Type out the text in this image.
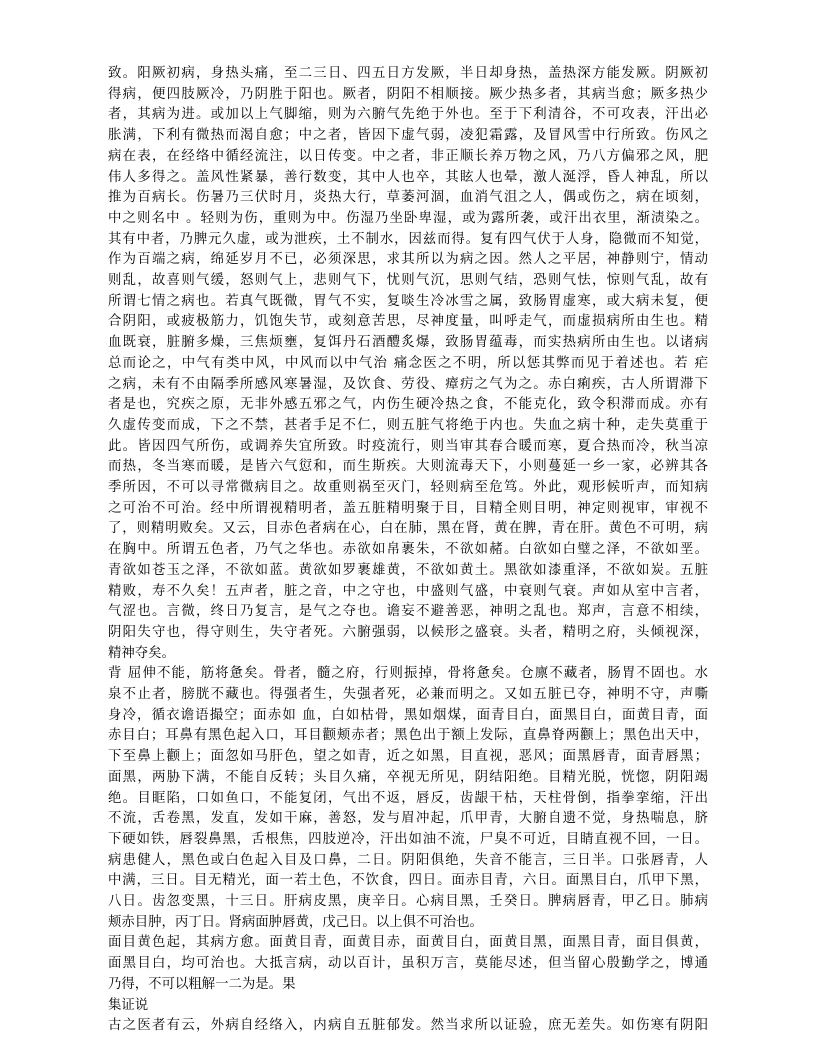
致。阳厥初病，身热头痛，至二三日、四五日方发厥，半日却身热，盖热深方能发厥。阴厥初
得病，便四肢厥冷，乃阴胜于阳也。厥者，阴阳不相顺接。厥少热多者，其病当愈；厥多热少
者，其病为进。或加以上气脚缩，则为六腑气先绝于外也。至于下利清谷，不可攻表，汗出必
胀满，下利有微热而渴自愈；中之者，皆因下虚气弱，凌犯霜露，及冒风雪中行所致。伤风之
病在表，在经络中循经流注，以日传变。中之者，非正顺长养万物之风，乃八方偏邪之风，肥
伟人多得之。盖风性紧暴，善行数变，其中人也卒，其眩人也晕，激人涎浮，昏人神乱，所以
推为百病长。伤暑乃三伏时月，炎热大行，草萎河涸，血消气沮之人，偶或伤之，病在顷刻，
中之则名中 。轻则为伤，重则为中。伤湿乃坐卧卑湿，或为露所袭，或汗出衣里，渐渍染之。
其有中者，乃脾元久虚，或为泄疾，土不制水，因兹而得。复有四气伏于人身，隐微而不知觉，
作为百端之病，绵延岁月不已，必须深思，求其所以为病之因。然人之平居，神静则宁，情动
则乱，故喜则气缓，怒则气上，悲则气下，忧则气沉，思则气结，恐则气怯，惊则气乱，故有
所谓七情之病也。若真气既微，胃气不实，复啖生冷冰雪之属，致肠胃虚寒，或大病未复，便
合阴阳，或疲极筋力，饥饱失节，或刻意苦思，尽神度量，叫呼走气，而虚损病所由生也。精
血既衰，脏腑多燥，三焦烦壅，复饵丹石酒醴炙爆，致肠胃蕴毒，而实热病所由生也。以诸病
总而论之，中气有类中风，中风而以中气治 痛念医之不明，所以惩其弊而见于着述也。若 疟
之病，未有不由隔季所感风寒暑湿，及饮食、劳役、瘴疠之气为之。赤白痢疾，古人所谓滞下
者是也，究疾之原，无非外感五邪之气，内伤生硬冷热之食，不能克化，致令积滞而成。亦有
久虚传变而成，下之不禁，甚者手足不仁，则五脏气将绝于内也。失血之病十种，走失莫重于
此。皆因四气所伤，或调养失宜所致。时疫流行，则当审其春合暖而寒，夏合热而冷，秋当凉
而热，冬当寒而暖，是皆六气愆和，而生斯疾。大则流毒天下，小则蔓延一乡一家，必辨其各
季所因，不可以寻常微病目之。故重则祸至灭门，轻则病至危笃。外此，观形候听声，而知病
之可治不可治。经中所谓视精明者，盖五脏精明聚于目，目精全则目明，神定则视审，审视不
了，则精明败矣。又云，目赤色者病在心，白在肺，黑在肾，黄在脾，青在肝。黄色不可明，病
在胸中。所谓五色者，乃气之华也。赤欲如帛裹朱，不欲如赭。白欲如白璧之泽，不欲如垩。
青欲如苍玉之泽，不欲如蓝。黄欲如罗裹雄黄，不欲如黄土。黑欲如漆重泽，不欲如炭。五脏
精败，寿不久矣！五声者，脏之音，中之守也，中盛则气盛，中衰则气衰。声如从室中言者，
气涩也。言微，终日乃复言，是气之夺也。谵妄不避善恶，神明之乱也。郑声，言意不相续，
阴阳失守也，得守则生，失守者死。六腑强弱，以候形之盛衰。头者，精明之府，头倾视深，
精神夺矣。
背 屈伸不能，筋将惫矣。骨者，髓之府，行则振掉，骨将惫矣。仓廪不藏者，肠胃不固也。水
泉不止者，膀胱不藏也。得强者生，失强者死，必兼而明之。又如五脏已夺，神明不守，声嘶
身冷，循衣谵语撮空；面赤如 血，白如枯骨，黑如烟煤，面青目白，面黑目白，面黄目青，面
赤目白；耳鼻有黑色起入口，耳目颧颊赤者；黑色出于额上发际，直鼻脊两颧上；黑色出天中，
下至鼻上颧上；面忽如马肝色，望之如青，近之如黑，目直视，恶风；面黑唇青，面青唇黑；
面黑，两胁下满，不能自反转；头目久痛，卒视无所见，阴结阳绝。目精光脱，恍惚，阴阳竭
绝。目眶陷，口如鱼口，不能复闭，气出不返，唇反，齿龈干枯，天柱骨倒，指拳挛缩，汗出
不流，舌卷黑，发直，发如干麻，善怒，发与眉冲起，爪甲青，大腑自遗不觉，身热喘息，脐
下硬如铁，唇裂鼻黑，舌根焦，四肢逆冷，汗出如油不流，尸臭不可近，目睛直视不回，一日。
病患健人，黑色或白色起入目及口鼻，二日。阴阳俱绝，失音不能言，三日半。口张唇青，人
中满，三日。目无精光，面一若土色，不饮食，四日。面赤目青，六日。面黑目白，爪甲下黑，
八日。齿忽变黑，十三日。肝病皮黑，庚辛日。心病目黑，壬癸日。脾病唇青，甲乙日。肺病
颊赤目肿，丙丁日。肾病面肿唇黄，戊己日。以上俱不可治也。
面目黄色起，其病方愈。面黄目青，面黄目赤，面黄目白，面黄目黑，面黑目青，面目俱黄，
面黑目白，均可治也。大抵言病，动以百计，虽积万言，莫能尽述，但当留心殷勤学之，博通
乃得，不可以粗解一二为是。果
集证说
古之医者有云，外病自经络入，内病自五脏郁发。然当求所以证验，庶无差失。如伤寒有阴阳
